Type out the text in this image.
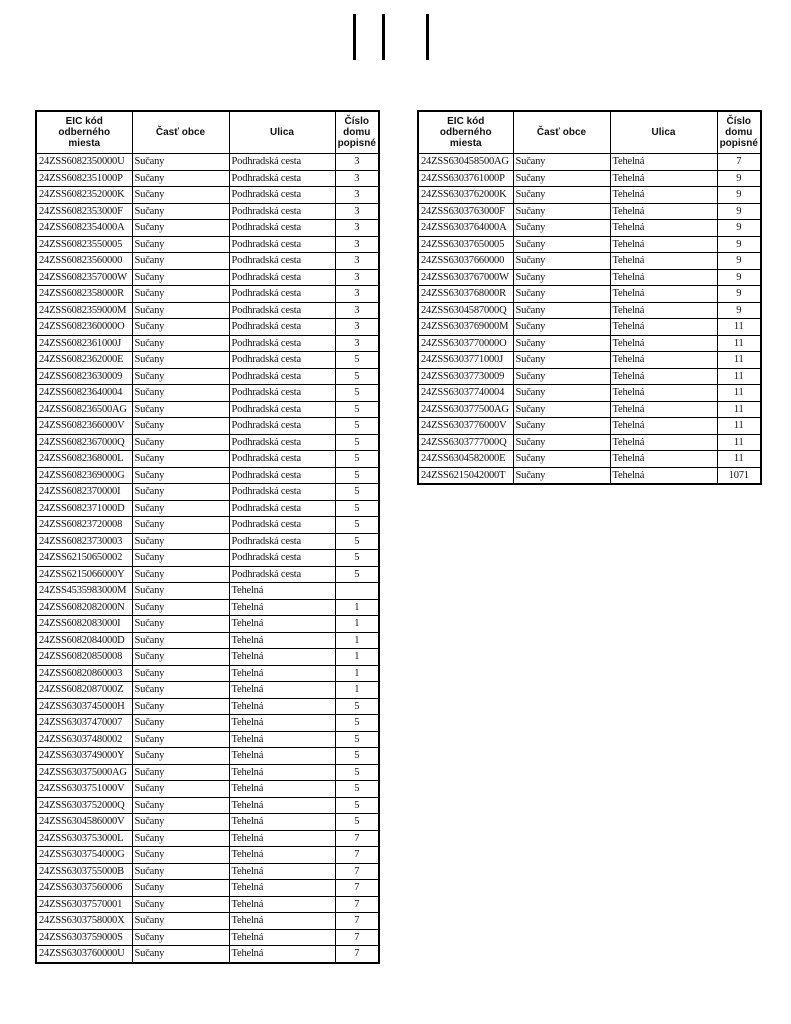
EIC kód
odberného
miesta	Časť obce	Ulica	Číslo
domu
popisné
24ZSS6082350000U	Sučany	Podhradská cesta	3
24ZSS6082351000P	Sučany	Podhradská cesta	3
24ZSS6082352000K	Sučany	Podhradská cesta	3
24ZSS6082353000F	Sučany	Podhradská cesta	3
24ZSS6082354000A	Sučany	Podhradská cesta	3
24ZSS60823550005	Sučany	Podhradská cesta	3
24ZSS60823560000	Sučany	Podhradská cesta	3
24ZSS6082357000W	Sučany	Podhradská cesta	3
24ZSS6082358000R	Sučany	Podhradská cesta	3
24ZSS6082359000M	Sučany	Podhradská cesta	3
24ZSS6082360000O	Sučany	Podhradská cesta	3
24ZSS6082361000J	Sučany	Podhradská cesta	3
24ZSS6082362000E	Sučany	Podhradská cesta	5
24ZSS60823630009	Sučany	Podhradská cesta	5
24ZSS60823640004	Sučany	Podhradská cesta	5
24ZSS608236500AG	Sučany	Podhradská cesta	5
24ZSS6082366000V	Sučany	Podhradská cesta	5
24ZSS6082367000Q	Sučany	Podhradská cesta	5
24ZSS6082368000L	Sučany	Podhradská cesta	5
24ZSS6082369000G	Sučany	Podhradská cesta	5
24ZSS6082370000I	Sučany	Podhradská cesta	5
24ZSS6082371000D	Sučany	Podhradská cesta	5
24ZSS60823720008	Sučany	Podhradská cesta	5
24ZSS60823730003	Sučany	Podhradská cesta	5
24ZSS62150650002	Sučany	Podhradská cesta	5
24ZSS6215066000Y	Sučany	Podhradská cesta	5
24ZSS4535983000M	Sučany	Tehelná	
24ZSS6082082000N	Sučany	Tehelná	1
24ZSS6082083000I	Sučany	Tehelná	1
24ZSS6082084000D	Sučany	Tehelná	1
24ZSS60820850008	Sučany	Tehelná	1
24ZSS60820860003	Sučany	Tehelná	1
24ZSS6082087000Z	Sučany	Tehelná	1
24ZSS6303745000H	Sučany	Tehelná	5
24ZSS63037470007	Sučany	Tehelná	5
24ZSS63037480002	Sučany	Tehelná	5
24ZSS6303749000Y	Sučany	Tehelná	5
24ZSS630375000AG	Sučany	Tehelná	5
24ZSS6303751000V	Sučany	Tehelná	5
24ZSS6303752000Q	Sučany	Tehelná	5
24ZSS6304586000V	Sučany	Tehelná	5
24ZSS6303753000L	Sučany	Tehelná	7
24ZSS6303754000G	Sučany	Tehelná	7
24ZSS6303755000B	Sučany	Tehelná	7
24ZSS63037560006	Sučany	Tehelná	7
24ZSS63037570001	Sučany	Tehelná	7
24ZSS6303758000X	Sučany	Tehelná	7
24ZSS6303759000S	Sučany	Tehelná	7
24ZSS6303760000U	Sučany	Tehelná	7
EIC kód
odberného
miesta	Časť obce	Ulica	Číslo
domu
popisné
24ZSS630458500AG	Sučany	Tehelná	7
24ZSS6303761000P	Sučany	Tehelná	9
24ZSS6303762000K	Sučany	Tehelná	9
24ZSS6303763000F	Sučany	Tehelná	9
24ZSS6303764000A	Sučany	Tehelná	9
24ZSS63037650005	Sučany	Tehelná	9
24ZSS63037660000	Sučany	Tehelná	9
24ZSS6303767000W	Sučany	Tehelná	9
24ZSS6303768000R	Sučany	Tehelná	9
24ZSS6304587000Q	Sučany	Tehelná	9
24ZSS6303769000M	Sučany	Tehelná	11
24ZSS6303770000O	Sučany	Tehelná	11
24ZSS6303771000J	Sučany	Tehelná	11
24ZSS63037730009	Sučany	Tehelná	11
24ZSS63037740004	Sučany	Tehelná	11
24ZSS630377500AG	Sučany	Tehelná	11
24ZSS6303776000V	Sučany	Tehelná	11
24ZSS6303777000Q	Sučany	Tehelná	11
24ZSS6304582000E	Sučany	Tehelná	11
24ZSS6215042000T	Sučany	Tehelná	1071
